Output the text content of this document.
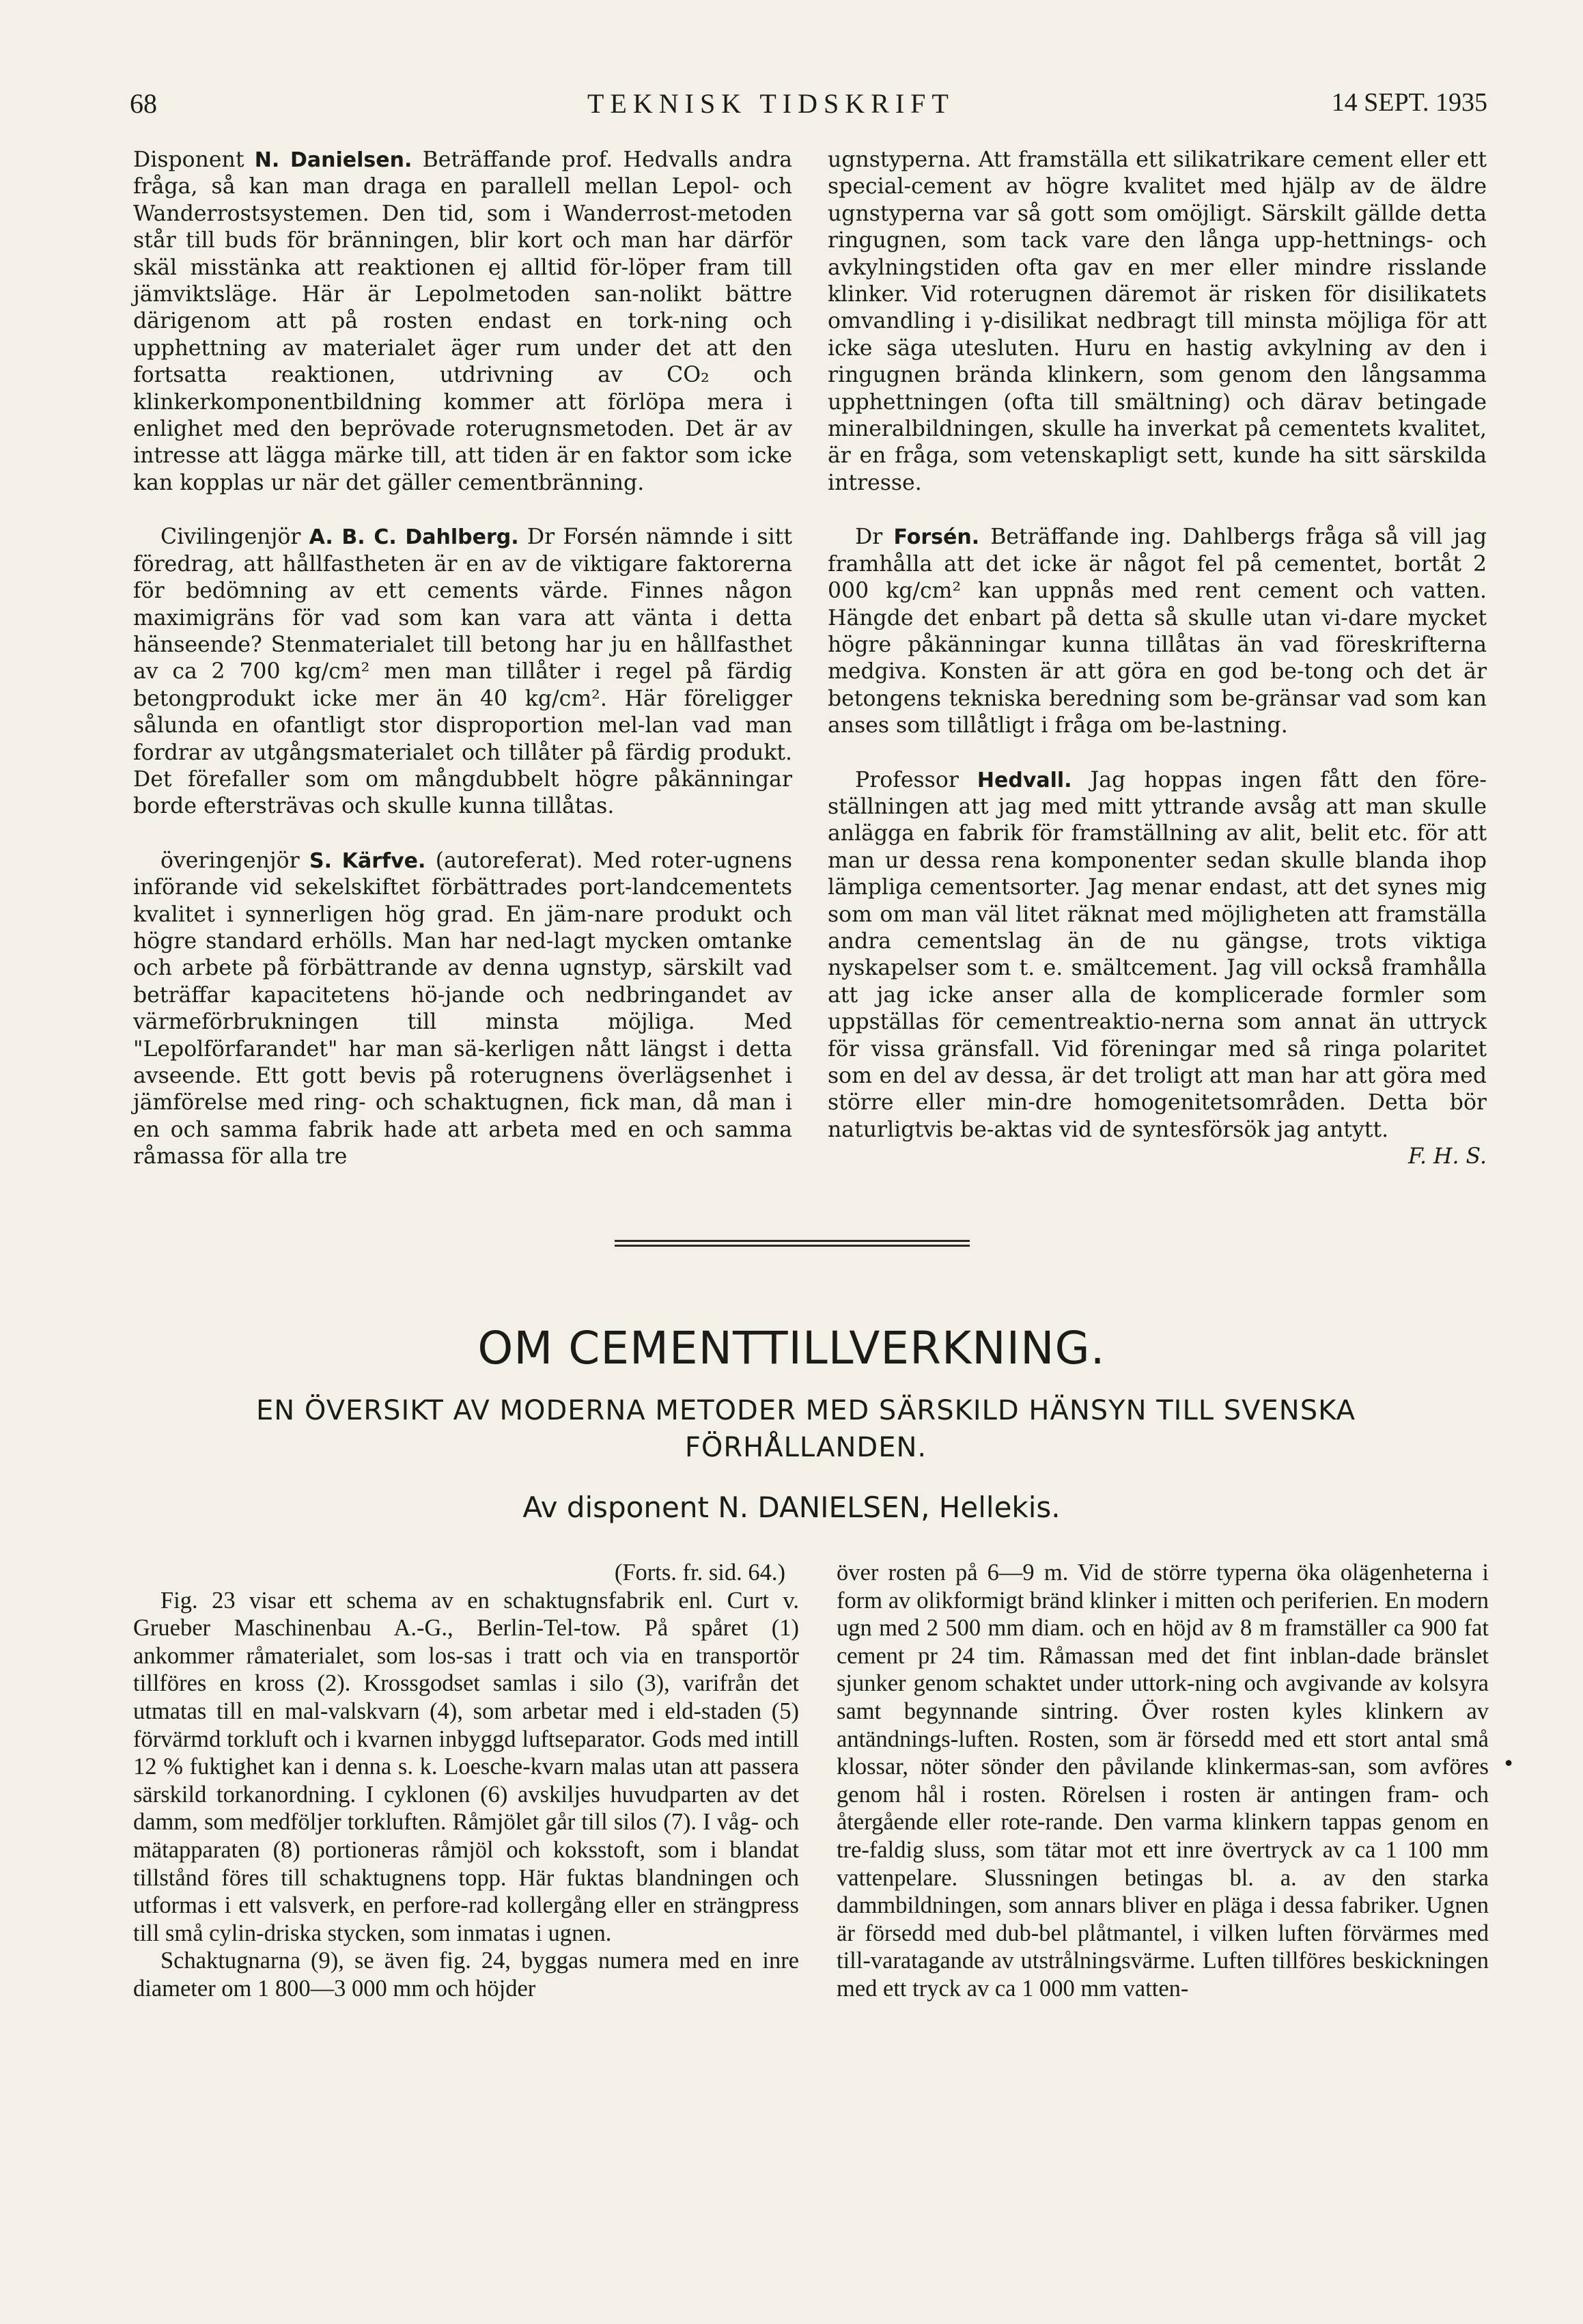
68	TEKNISK TIDSKRIFT	14 SEPT. 1935

Disponent N. Danielsen. Beträffande prof. Hedvalls andra fråga, så kan man draga en parallell mellan Lepol- och Wanderrostsystemen. Den tid, som i Wanderrost-metoden står till buds för bränningen, blir kort och man har därför skäl misstänka att reaktionen ej alltid för-löper fram till jämviktsläge. Här är Lepolmetoden san-nolikt bättre därigenom att på rosten endast en tork-ning och upphettning av materialet äger rum under det att den fortsatta reaktionen, utdrivning av CO₂ och klinkerkomponentbildning kommer att förlöpa mera i enlighet med den beprövade roterugnsmetoden. Det är av intresse att lägga märke till, att tiden är en faktor som icke kan kopplas ur när det gäller cementbränning.

Civilingenjör A. B. C. Dahlberg. Dr Forsén nämnde i sitt föredrag, att hållfastheten är en av de viktigare faktorerna för bedömning av ett cements värde. Finnes någon maximigräns för vad som kan vara att vänta i detta hänseende? Stenmaterialet till betong har ju en hållfasthet av ca 2 700 kg/cm² men man tillåter i regel på färdig betongprodukt icke mer än 40 kg/cm². Här föreligger sålunda en ofantligt stor disproportion mel-lan vad man fordrar av utgångsmaterialet och tillåter på färdig produkt. Det förefaller som om mångdubbelt högre påkänningar borde eftersträvas och skulle kunna tillåtas.

överingenjör S. Kärfve. (autoreferat). Med roter-ugnens införande vid sekelskiftet förbättrades port-landcementets kvalitet i synnerligen hög grad. En jäm-nare produkt och högre standard erhölls. Man har ned-lagt mycken omtanke och arbete på förbättrande av denna ugnstyp, särskilt vad beträffar kapacitetens hö-jande och nedbringandet av värmeförbrukningen till minsta möjliga. Med "Lepolförfarandet" har man sä-kerligen nått längst i detta avseende. Ett gott bevis på roterugnens överlägsenhet i jämförelse med ring- och schaktugnen, fick man, då man i en och samma fabrik hade att arbeta med en och samma råmassa för alla tre

ugnstyperna. Att framställa ett silikatrikare cement eller ett special-cement av högre kvalitet med hjälp av de äldre ugnstyperna var så gott som omöjligt. Särskilt gällde detta ringugnen, som tack vare den långa upp-hettnings- och avkylningstiden ofta gav en mer eller mindre risslande klinker. Vid roterugnen däremot är risken för disilikatets omvandling i γ-disilikat nedbragt till minsta möjliga för att icke säga utesluten. Huru en hastig avkylning av den i ringugnen brända klinkern, som genom den långsamma upphettningen (ofta till smältning) och därav betingade mineralbildningen, skulle ha inverkat på cementets kvalitet, är en fråga, som vetenskapligt sett, kunde ha sitt särskilda intresse.

Dr Forsén. Beträffande ing. Dahlbergs fråga så vill jag framhålla att det icke är något fel på cementet, bortåt 2 000 kg/cm² kan uppnås med rent cement och vatten. Hängde det enbart på detta så skulle utan vi-dare mycket högre påkänningar kunna tillåtas än vad föreskrifterna medgiva. Konsten är att göra en god be-tong och det är betongens tekniska beredning som be-gränsar vad som kan anses som tillåtligt i fråga om be-lastning.

Professor Hedvall. Jag hoppas ingen fått den före-ställningen att jag med mitt yttrande avsåg att man skulle anlägga en fabrik för framställning av alit, belit etc. för att man ur dessa rena komponenter sedan skulle blanda ihop lämpliga cementsorter. Jag menar endast, att det synes mig som om man väl litet räknat med möjligheten att framställa andra cementslag än de nu gängse, trots viktiga nyskapelser som t. e. smältcement. Jag vill också framhålla att jag icke anser alla de komplicerade formler som uppställas för cementreaktio-nerna som annat än uttryck för vissa gränsfall. Vid föreningar med så ringa polaritet som en del av dessa, är det troligt att man har att göra med större eller min-dre homogenitetsområden. Detta bör naturligtvis be-aktas vid de syntesförsök jag antytt.
F. H. S.

OM CEMENTTILLVERKNING.
EN ÖVERSIKT AV MODERNA METODER MED SÄRSKILD HÄNSYN TILL SVENSKA FÖRHÅLLANDEN.
Av disponent N. DANIELSEN, Hellekis.

(Forts. fr. sid. 64.)

Fig. 23 visar ett schema av en schaktugnsfabrik enl. Curt v. Grueber Maschinenbau A.-G., Berlin-Tel-tow. På spåret (1) ankommer råmaterialet, som los-sas i tratt och via en transportör tillföres en kross (2). Krossgodset samlas i silo (3), varifrån det utmatas till en mal-valskvarn (4), som arbetar med i eld-staden (5) förvärmd torkluft och i kvarnen inbyggd luftseparator. Gods med intill 12 % fuktighet kan i denna s. k. Loesche-kvarn malas utan att passera särskild torkanordning. I cyklonen (6) avskiljes huvudparten av det damm, som medföljer torkluften. Råmjölet går till silos (7). I våg- och mätapparaten (8) portioneras råmjöl och koksstoft, som i blandat tillstånd föres till schaktugnens topp. Här fuktas blandningen och utformas i ett valsverk, en perfore-rad kollergång eller en strängpress till små cylin-driska stycken, som inmatas i ugnen.

Schaktugnarna (9), se även fig. 24, byggas numera med en inre diameter om 1 800—3 000 mm och höjder

över rosten på 6—9 m. Vid de större typerna öka olägenheterna i form av olikformigt bränd klinker i mitten och periferien. En modern ugn med 2 500 mm diam. och en höjd av 8 m framställer ca 900 fat cement pr 24 tim. Råmassan med det fint inblan-dade bränslet sjunker genom schaktet under uttork-ning och avgivande av kolsyra samt begynnande sintring. Över rosten kyles klinkern av antändnings-luften. Rosten, som är försedd med ett stort antal små klossar, nöter sönder den påvilande klinkermas-san, som avföres genom hål i rosten. Rörelsen i rosten är antingen fram- och återgående eller rote-rande. Den varma klinkern tappas genom en tre-faldig sluss, som tätar mot ett inre övertryck av ca 1 100 mm vattenpelare. Slussningen betingas bl. a. av den starka dammbildningen, som annars bliver en pläga i dessa fabriker. Ugnen är försedd med dub-bel plåtmantel, i vilken luften förvärmes med till-varatagande av utstrålningsvärme. Luften tillföres beskickningen med ett tryck av ca 1 000 mm vatten-

•
